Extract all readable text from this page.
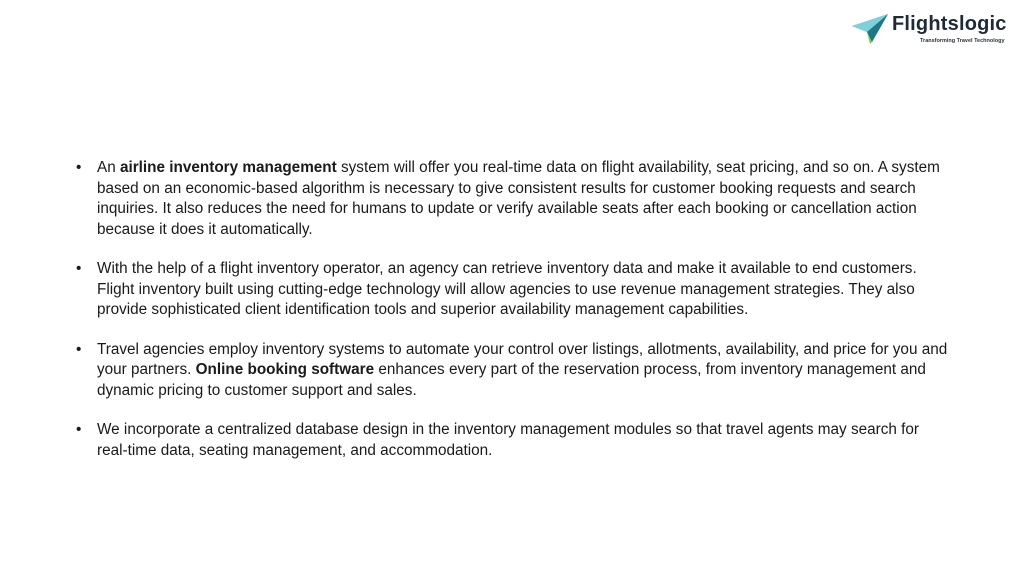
Flightslogic
Transforming Travel Technology
• An airline inventory management system will offer you real-time data on flight availability, seat pricing, and so on. A system based on an economic-based algorithm is necessary to give consistent results for customer booking requests and search inquiries. It also reduces the need for humans to update or verify available seats after each booking or cancellation action because it does it automatically.
• With the help of a flight inventory operator, an agency can retrieve inventory data and make it available to end customers. Flight inventory built using cutting-edge technology will allow agencies to use revenue management strategies. They also provide sophisticated client identification tools and superior availability management capabilities.
• Travel agencies employ inventory systems to automate your control over listings, allotments, availability, and price for you and your partners. Online booking software enhances every part of the reservation process, from inventory management and dynamic pricing to customer support and sales.
• We incorporate a centralized database design in the inventory management modules so that travel agents may search for real-time data, seating management, and accommodation.
